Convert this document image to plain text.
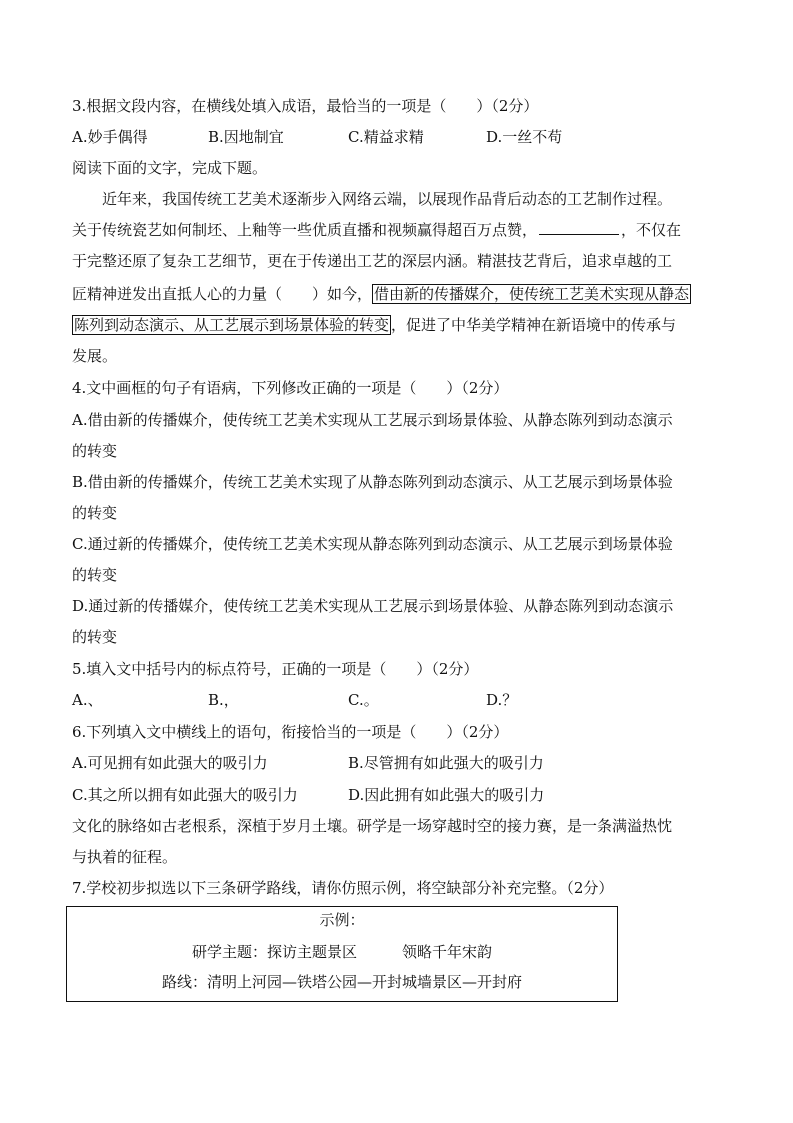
3.根据文段内容，在横线处填入成语，最恰当的一项是（　　）（2分）
A.妙手偶得	B.因地制宜	C.精益求精	D.一丝不苟
阅读下面的文字，完成下题。
近年来，我国传统工艺美术逐渐步入网络云端，以展现作品背后动态的工艺制作过程。
关于传统瓷艺如何制坯、上釉等一些优质直播和视频赢得超百万点赞，	，不仅在
于完整还原了复杂工艺细节，更在于传递出工艺的深层内涵。精湛技艺背后，追求卓越的工
匠精神迸发出直抵人心的力量（　　）如今， 借由新的传播媒介，使传统工艺美术实现从静态
陈列到动态演示、从工艺展示到场景体验的转变 ，促进了中华美学精神在新语境中的传承与
发展。
4.文中画框的句子有语病，下列修改正确的一项是（　　）（2分）
A.借由新的传播媒介，使传统工艺美术实现从工艺展示到场景体验、从静态陈列到动态演示
的转变
B.借由新的传播媒介，传统工艺美术实现了从静态陈列到动态演示、从工艺展示到场景体验
的转变
C.通过新的传播媒介，使传统工艺美术实现从静态陈列到动态演示、从工艺展示到场景体验
的转变
D.通过新的传播媒介，使传统工艺美术实现从工艺展示到场景体验、从静态陈列到动态演示
的转变
5.填入文中括号内的标点符号，正确的一项是（　　）（2分）
A.、	B.，	C.。	D.？
6.下列填入文中横线上的语句，衔接恰当的一项是（　　）（2分）
A.可见拥有如此强大的吸引力	B.尽管拥有如此强大的吸引力
C.其之所以拥有如此强大的吸引力	D.因此拥有如此强大的吸引力
文化的脉络如古老根系，深植于岁月土壤。研学是一场穿越时空的接力赛，是一条满溢热忱
与执着的征程。
7.学校初步拟选以下三条研学路线，请你仿照示例，将空缺部分补充完整。（2分）
示例：
研学主题：探访主题景区　　　领略千年宋韵
路线：清明上河园—铁塔公园—开封城墙景区—开封府
